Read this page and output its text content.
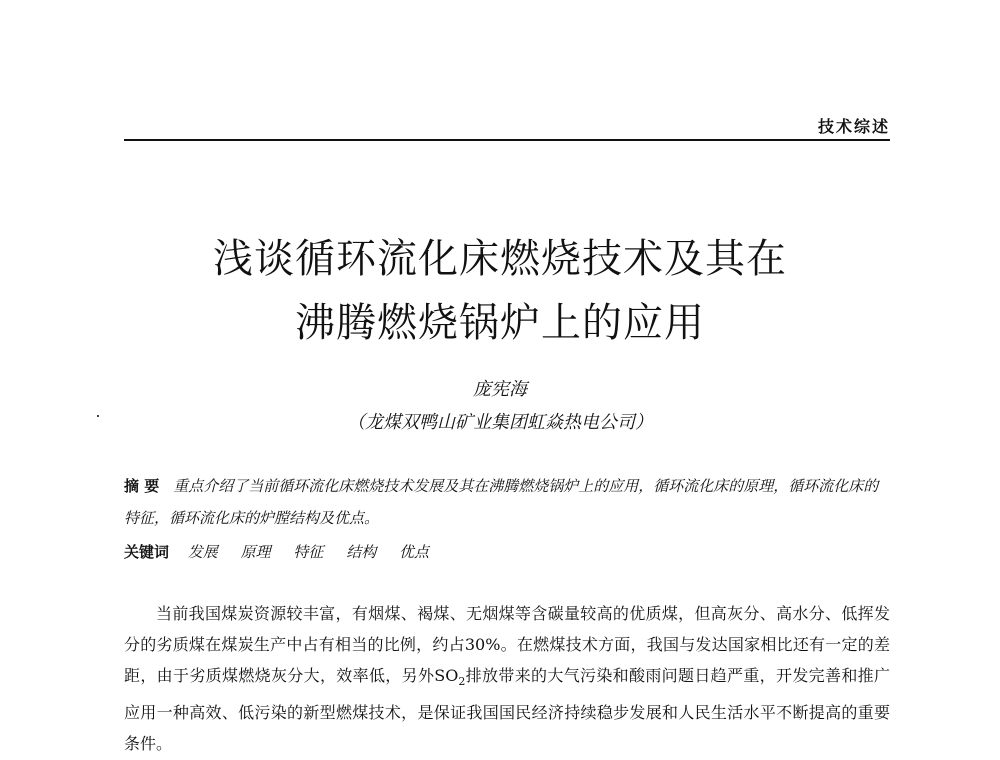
技术综述
浅谈循环流化床燃烧技术及其在
沸腾燃烧锅炉上的应用
庞宪海
（龙煤双鸭山矿业集团虹焱热电公司）
摘 要 重点介绍了当前循环流化床燃烧技术发展及其在沸腾燃烧锅炉上的应用，循环流化床的原理，循环流化床的特征，循环流化床的炉膛结构及优点。
关键词 发展 原理 特征 结构 优点

当前我国煤炭资源较丰富，有烟煤、褐煤、无烟煤等含碳量较高的优质煤，但高灰分、高水分、低挥发分的劣质煤在煤炭生产中占有相当的比例，约占30%。在燃煤技术方面，我国与发达国家相比还有一定的差距，由于劣质煤燃烧灰分大，效率低，另外$SO_2$排放带来的大气污染和酸雨问题日趋严重，开发完善和推广应用一种高效、低污染的新型燃煤技术，是保证我国国民经济持续稳步发展和人民生活水平不断提高的重要条件。
